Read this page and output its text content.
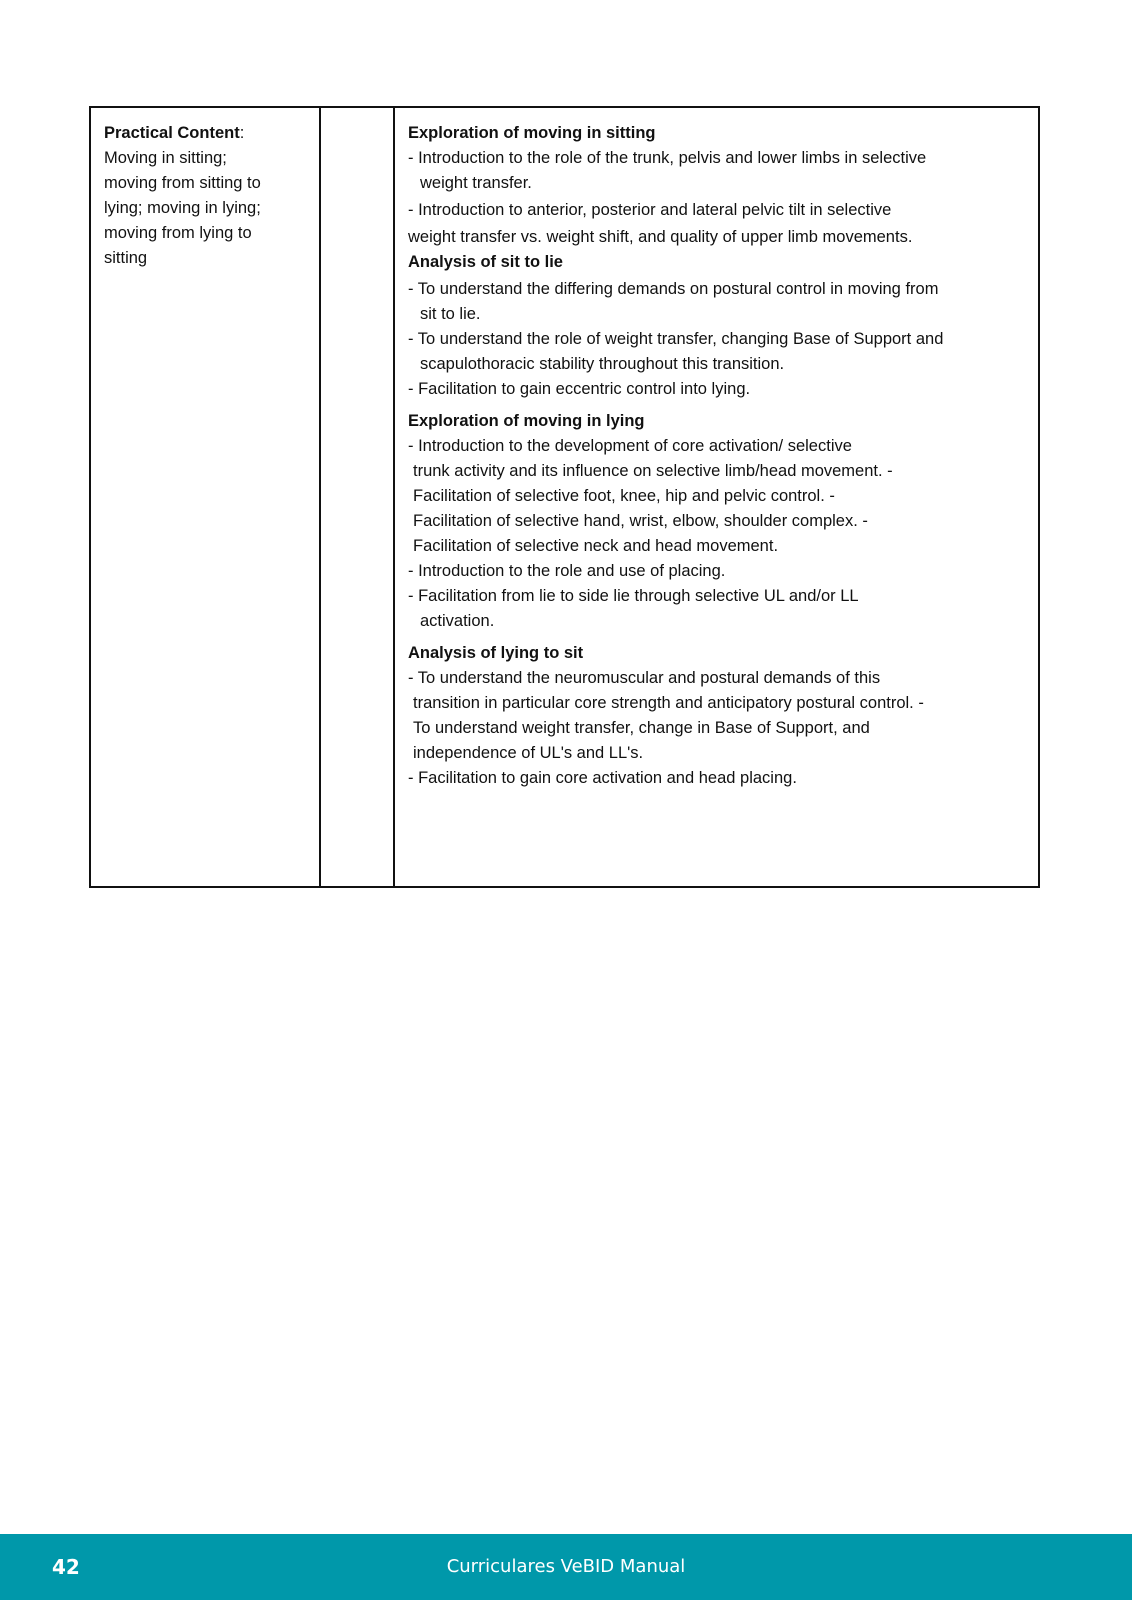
Practical Content:
Moving in sitting;
moving from sitting to
lying; moving in lying;
moving from lying to
sitting
Exploration of moving in sitting
- Introduction to the role of the trunk, pelvis and lower limbs in selective
weight transfer.
- Introduction to anterior, posterior and lateral pelvic tilt in selective
weight transfer vs. weight shift, and quality of upper limb movements.
Analysis of sit to lie
- To understand the differing demands on postural control in moving from
sit to lie.
- To understand the role of weight transfer, changing Base of Support and
scapulothoracic stability throughout this transition.
- Facilitation to gain eccentric control into lying.
Exploration of moving in lying
- Introduction to the development of core activation/ selective
trunk activity and its influence on selective limb/head movement. -
Facilitation of selective foot, knee, hip and pelvic control. -
Facilitation of selective hand, wrist, elbow, shoulder complex. -
Facilitation of selective neck and head movement.
- Introduction to the role and use of placing.
- Facilitation from lie to side lie through selective UL and/or LL
activation.
Analysis of lying to sit
- To understand the neuromuscular and postural demands of this
transition in particular core strength and anticipatory postural control. -
To understand weight transfer, change in Base of Support, and
independence of UL's and LL's.
- Facilitation to gain core activation and head placing.
42	Curriculares VeBID Manual
